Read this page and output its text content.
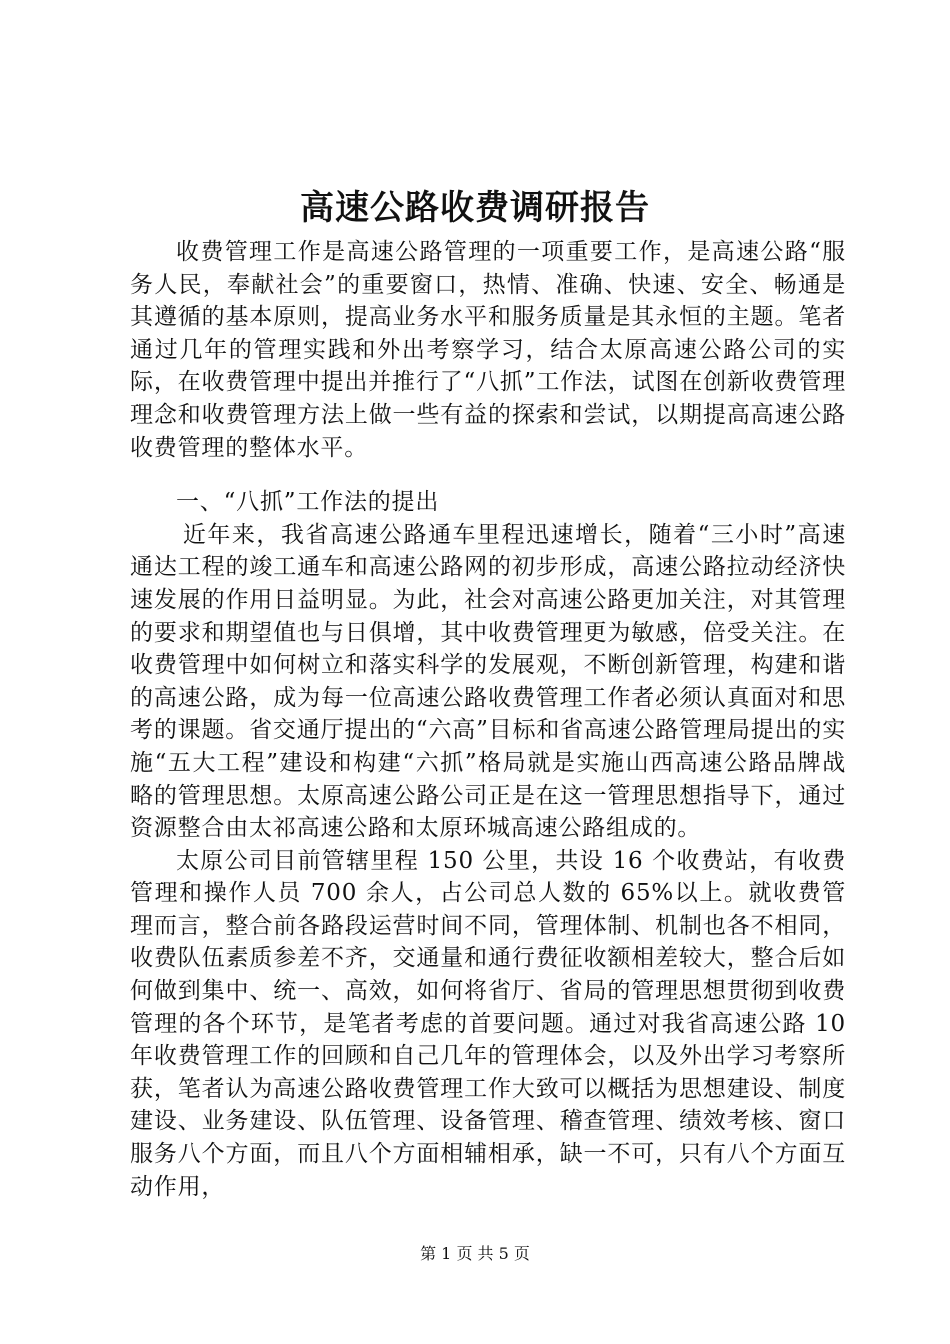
高速公路收费调研报告

收费管理工作是高速公路管理的一项重要工作，是高速公路“服务人民，奉献社会”的重要窗口，热情、准确、快速、安全、畅通是其遵循的基本原则，提高业务水平和服务质量是其永恒的主题。笔者通过几年的管理实践和外出考察学习，结合太原高速公路公司的实际，在收费管理中提出并推行了“八抓”工作法，试图在创新收费管理理念和收费管理方法上做一些有益的探索和尝试，以期提高高速公路收费管理的整体水平。

一、“八抓”工作法的提出

近年来，我省高速公路通车里程迅速增长，随着“三小时”高速通达工程的竣工通车和高速公路网的初步形成，高速公路拉动经济快速发展的作用日益明显。为此，社会对高速公路更加关注，对其管理的要求和期望值也与日俱增，其中收费管理更为敏感，倍受关注。在收费管理中如何树立和落实科学的发展观，不断创新管理，构建和谐的高速公路，成为每一位高速公路收费管理工作者必须认真面对和思考的课题。省交通厅提出的“六高”目标和省高速公路管理局提出的实施“五大工程”建设和构建“六抓”格局就是实施山西高速公路品牌战略的管理思想。太原高速公路公司正是在这一管理思想指导下，通过资源整合由太祁高速公路和太原环城高速公路组成的。

太原公司目前管辖里程 150 公里，共设 16 个收费站，有收费管理和操作人员 700 余人，占公司总人数的 65%以上。就收费管理而言，整合前各路段运营时间不同，管理体制、机制也各不相同，收费队伍素质参差不齐，交通量和通行费征收额相差较大，整合后如何做到集中、统一、高效，如何将省厅、省局的管理思想贯彻到收费管理的各个环节，是笔者考虑的首要问题。通过对我省高速公路 10 年收费管理工作的回顾和自己几年的管理体会，以及外出学习考察所获，笔者认为高速公路收费管理工作大致可以概括为思想建设、制度建设、业务建设、队伍管理、设备管理、稽查管理、绩效考核、窗口服务八个方面，而且八个方面相辅相承，缺一不可，只有八个方面互动作用，

第 1 页 共 5 页
